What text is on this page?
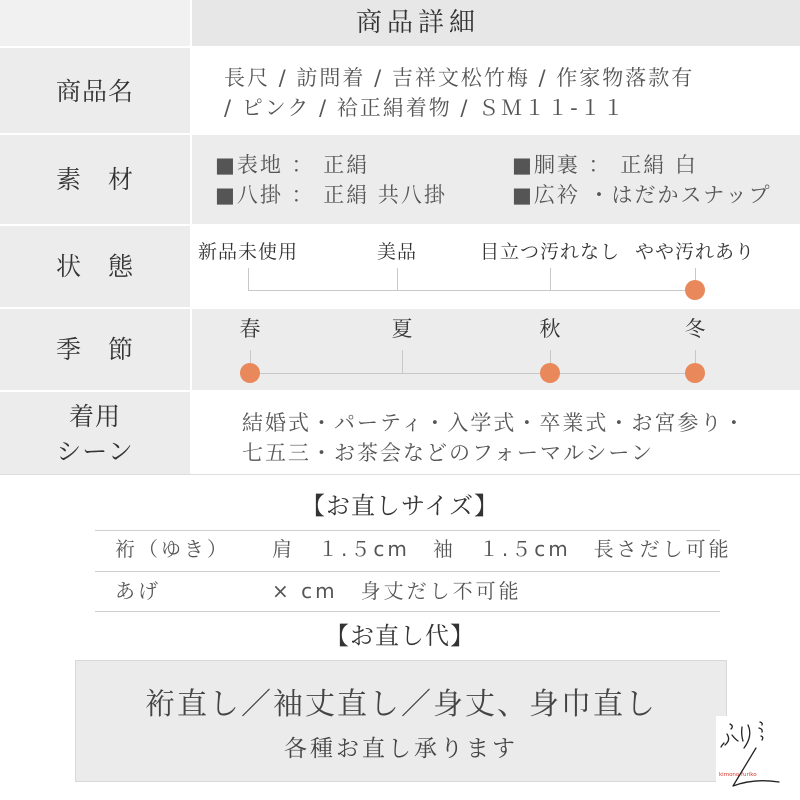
商品詳細
商品名	長尺 / 訪問着 / 吉祥文松竹梅 / 作家物落款有
/ ピンク / 袷正絹着物 / ＳＭ１１-１１
素　材	■表地 ： 正絹	■胴裏 ： 正絹 白
■八掛 ： 正絹 共八掛	■広衿 ・はだかスナップ
状　態	新品未使用	美品	目立つ汚れなし やや汚れあり
季　節
春	夏	秋	冬
着用
シーン
結婚式・パーティ・入学式・卒業式・お宮参り・
七五三・お茶会などのフォーマルシーン
【お直しサイズ】
裄（ゆき） 肩　１.５cm　袖　１.５cm　長さだし可能
あげ	× cm　身丈だし不可能
【お直し代】
裄直し／袖丈直し／身丈、身巾直し
各種お直し承ります
kimono furiko
